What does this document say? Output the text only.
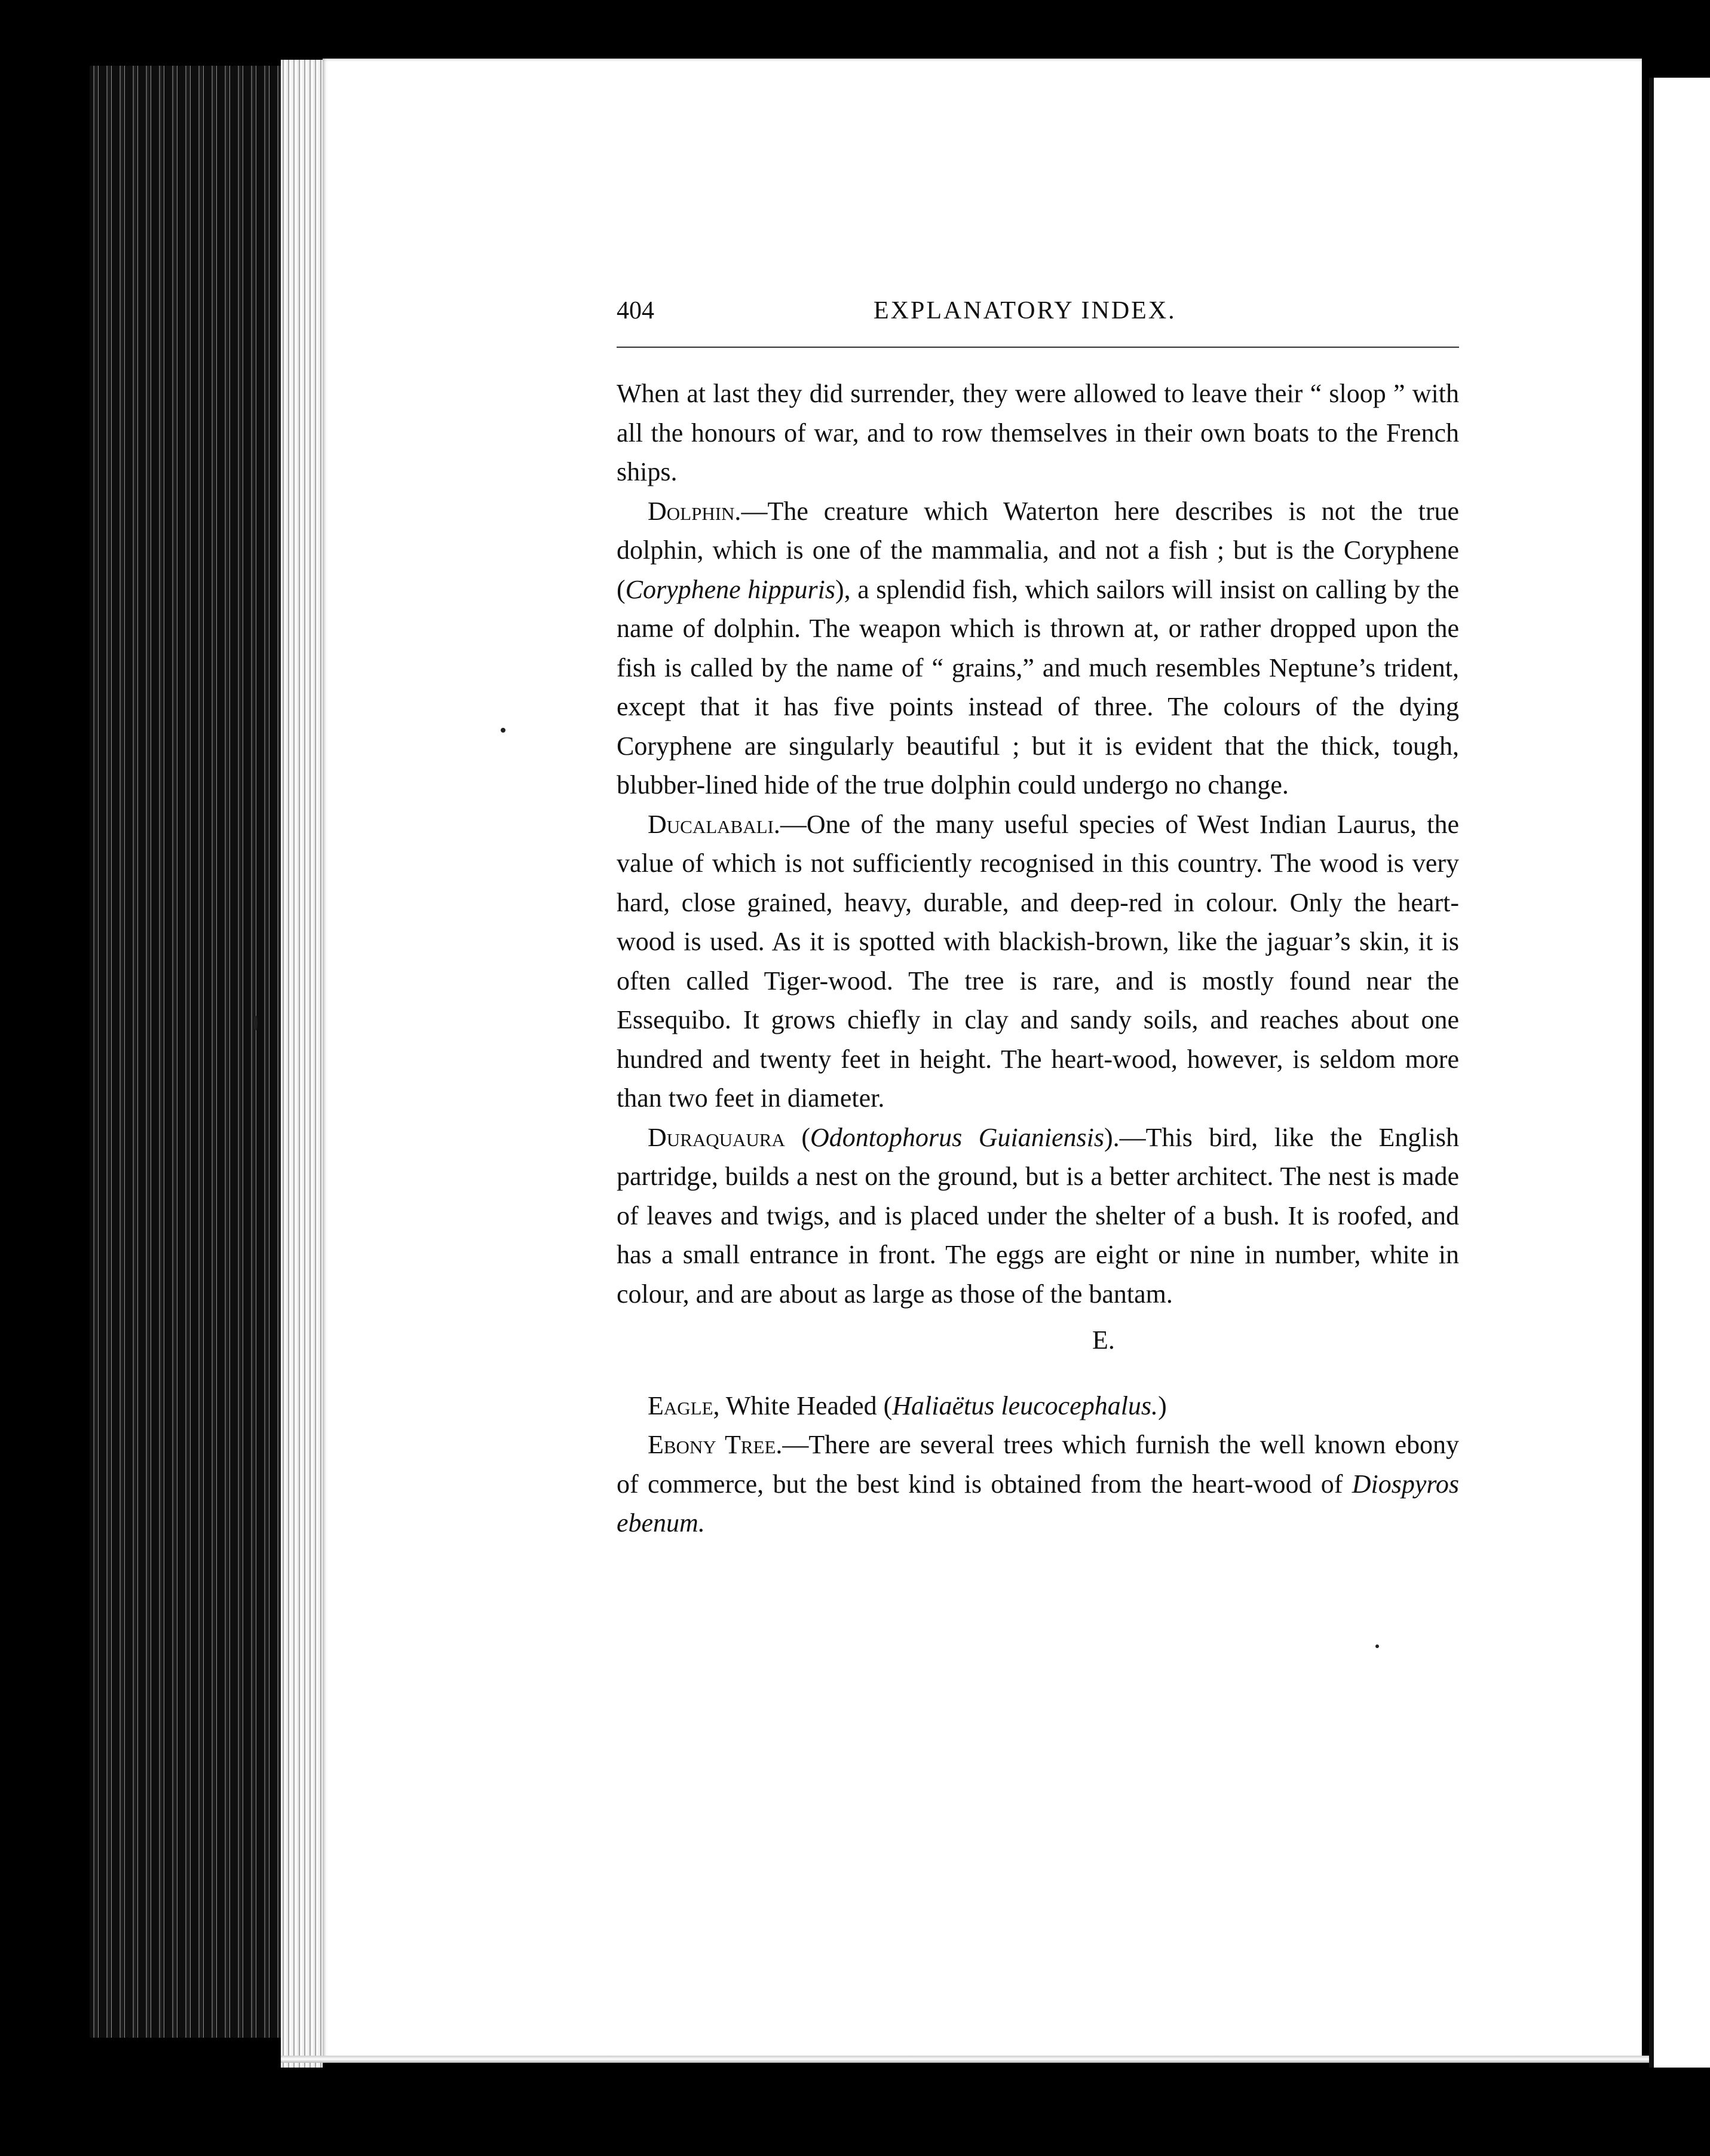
404	EXPLANATORY INDEX.

When at last they did surrender, they were allowed to leave their “ sloop ” with all the honours of war, and to row themselves in their own boats to the French ships.

Dolphin.—The creature which Waterton here describes is not the true dolphin, which is one of the mammalia, and not a fish ; but is the Coryphene (Coryphene hippuris), a splendid fish, which sailors will insist on calling by the name of dolphin. The weapon which is thrown at, or rather dropped upon the fish is called by the name of “ grains,” and much resembles Neptune’s trident, except that it has five points instead of three. The colours of the dying Coryphene are singularly beautiful ; but it is evident that the thick, tough, blubber-lined hide of the true dolphin could undergo no change.

Ducalabali.—One of the many useful species of West Indian Laurus, the value of which is not sufficiently recognised in this country. The wood is very hard, close grained, heavy, durable, and deep-red in colour. Only the heart-wood is used. As it is spotted with blackish-brown, like the jaguar’s skin, it is often called Tiger-wood. The tree is rare, and is mostly found near the Essequibo. It grows chiefly in clay and sandy soils, and reaches about one hundred and twenty feet in height. The heart-wood, however, is seldom more than two feet in diameter.

Duraquaura (Odontophorus Guianiensis).—This bird, like the English partridge, builds a nest on the ground, but is a better architect. The nest is made of leaves and twigs, and is placed under the shelter of a bush. It is roofed, and has a small entrance in front. The eggs are eight or nine in number, white in colour, and are about as large as those of the bantam.

E.

Eagle, White Headed (Haliaëtus leucocephalus.)

Ebony Tree.—There are several trees which furnish the well known ebony of commerce, but the best kind is obtained from the heart-wood of Diospyros ebenum.
